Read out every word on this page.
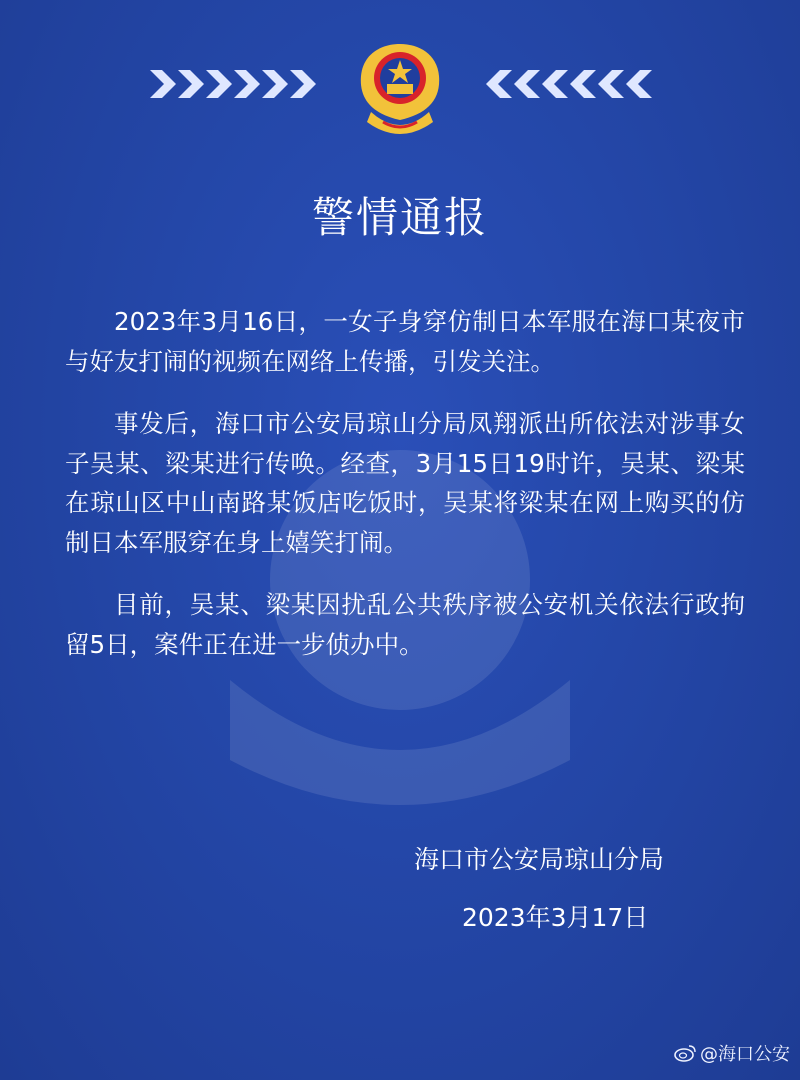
警情通报

2023年3月16日，一女子身穿仿制日本军服在海口某夜市与好友打闹的视频在网络上传播，引发关注。

事发后，海口市公安局琼山分局凤翔派出所依法对涉事女子吴某、梁某进行传唤。经查，3月15日19时许，吴某、梁某在琼山区中山南路某饭店吃饭时，吴某将梁某在网上购买的仿制日本军服穿在身上嬉笑打闹。

目前，吴某、梁某因扰乱公共秩序被公安机关依法行政拘留5日，案件正在进一步侦办中。

海口市公安局琼山分局
2023年3月17日
@海口公安
